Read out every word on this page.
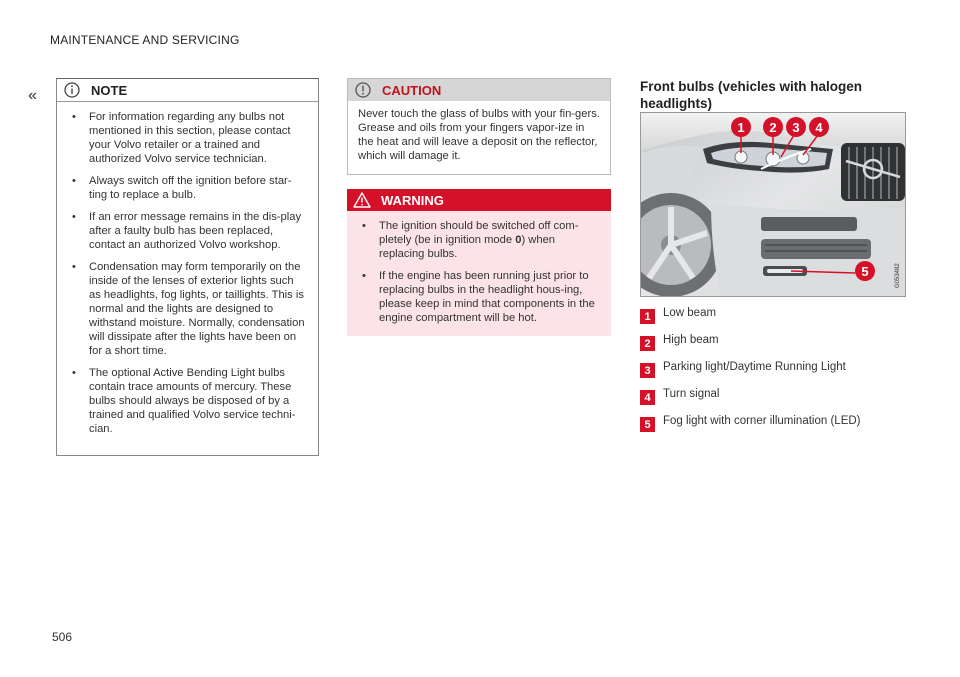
MAINTENANCE AND SERVICING
«	NOTE
• For information regarding any bulbs not mentioned in this section, please contact your Volvo retailer or a trained and authorized Volvo service technician.
• Always switch off the ignition before star-ting to replace a bulb.
• If an error message remains in the dis-play after a faulty bulb has been replaced, contact an authorized Volvo workshop.
• Condensation may form temporarily on the inside of the lenses of exterior lights such as headlights, fog lights, or taillights. This is normal and the lights are designed to withstand moisture. Normally, condensation will dissipate after the lights have been on for a short time.
• The optional Active Bending Light bulbs contain trace amounts of mercury. These bulbs should always be disposed of by a trained and qualified Volvo service techni-cian.
CAUTION

Never touch the glass of bulbs with your fin-gers. Grease and oils from your fingers vapor-ize in the heat and will leave a deposit on the reflector, which will damage it.

WARNING
• The ignition should be switched off com-pletely (be in ignition mode 0) when replacing bulbs.
• If the engine has been running just prior to replacing bulbs in the headlight hous-ing, please keep in mind that components in the engine compartment will be hot.
Front bulbs (vehicles with halogen headlights)
1 2 3 4
5	G053482
1	Low beam
2	High beam
3	Parking light/Daytime Running Light
4	Turn signal
5	Fog light with corner illumination (LED)
506
